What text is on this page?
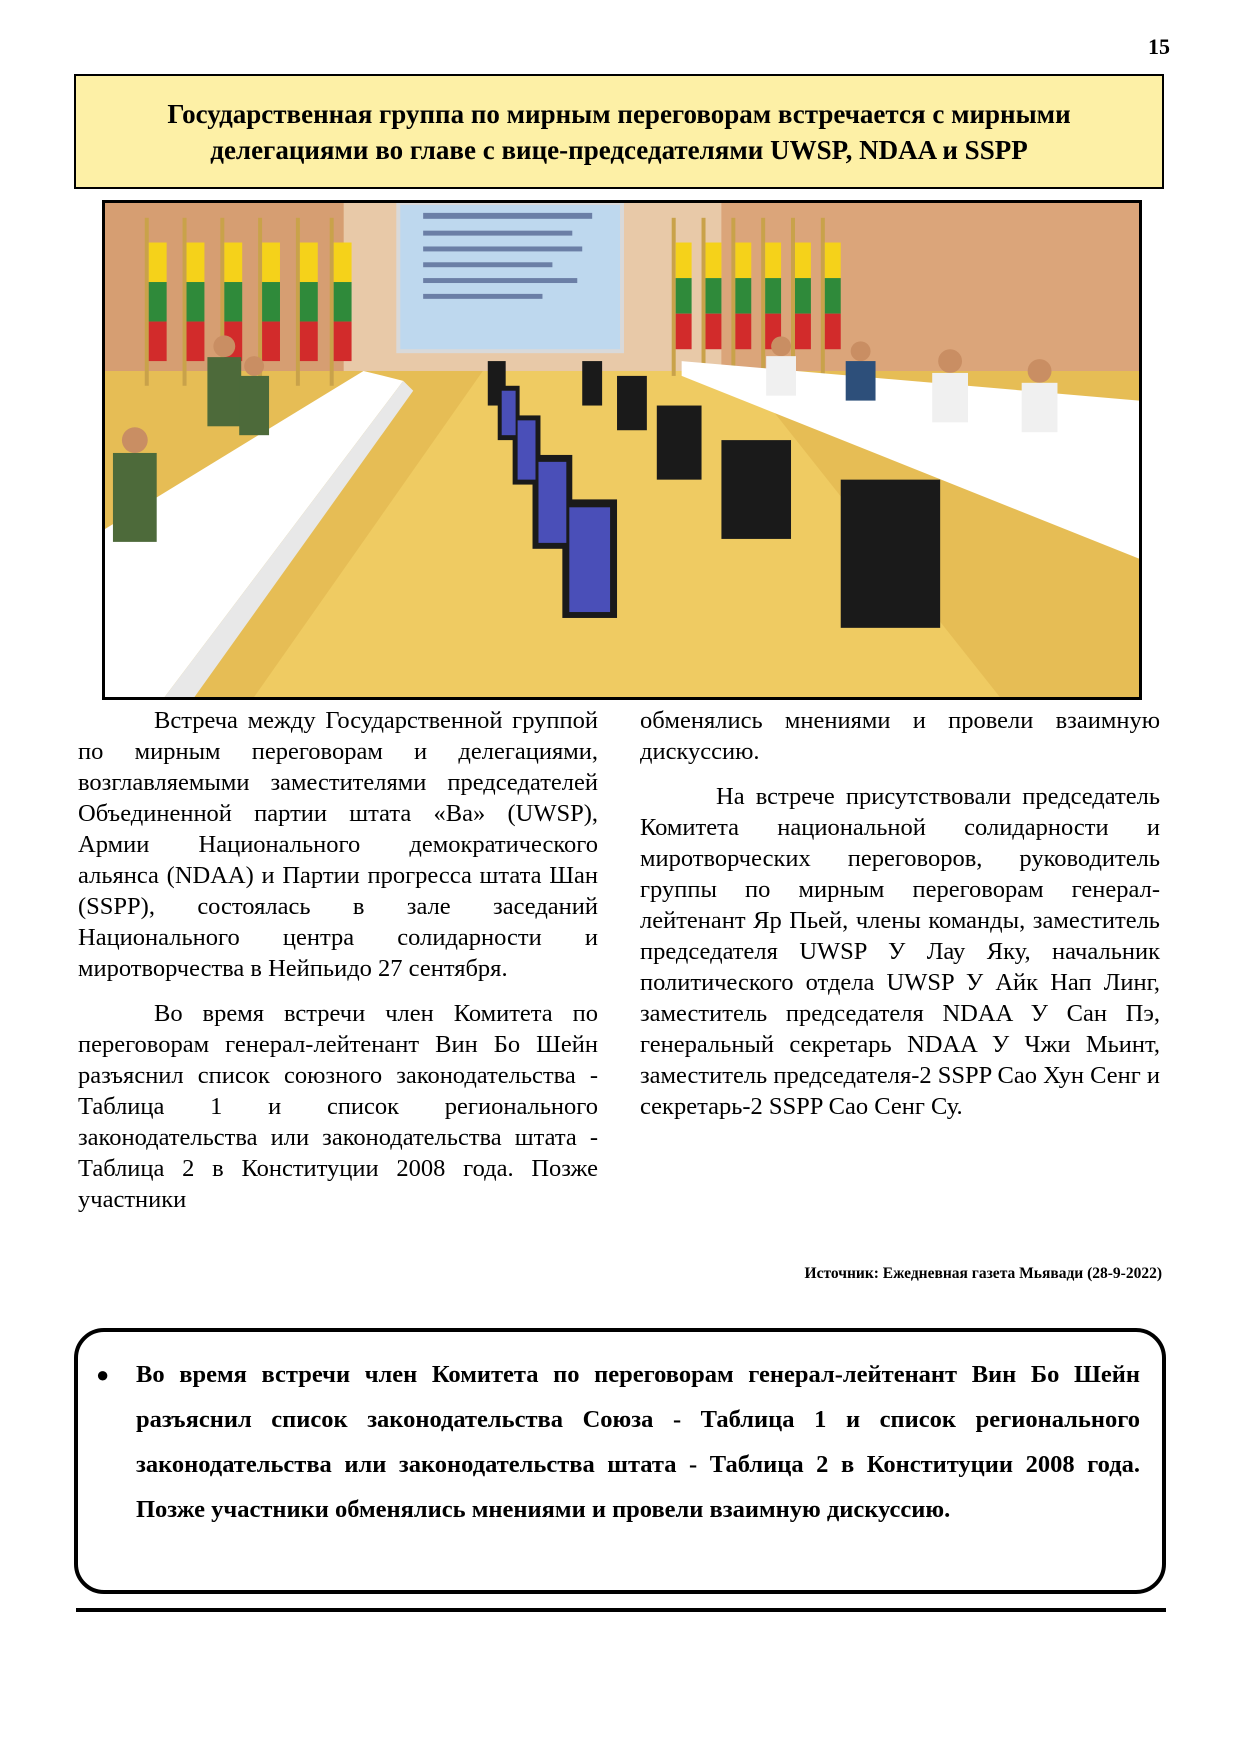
15
Государственная группа по мирным переговорам встречается с мирными делегациями во главе с вице-председателями UWSP, NDAA и SSPP

Встреча между Государственной группой по мирным переговорам и делегациями, возглавляемыми заместителями председателей Объединенной партии штата «Ва» (UWSP), Армии Национального демократического альянса (NDAA) и Партии прогресса штата Шан (SSPP), состоялась в зале заседаний Национального центра солидарности и миротворчества в Нейпьидо 27 сентября.

Во время встречи член Комитета по переговорам генерал-лейтенант Вин Бо Шейн разъяснил список союзного законодательства - Таблица 1 и список регионального законодательства или законодательства штата - Таблица 2 в Конституции 2008 года. Позже участники

обменялись мнениями и провели взаимную дискуссию.

На встрече присутствовали председатель Комитета национальной солидарности и миротворческих переговоров, руководитель группы по мирным переговорам генерал-лейтенант Яр Пьей, члены команды, заместитель председателя UWSP У Лау Яку, начальник политического отдела UWSP У Айк Нап Линг, заместитель председателя NDAA У Сан Пэ, генеральный секретарь NDAA У Чжи Мьинт, заместитель председателя-2 SSPP Сао Хун Сенг и секретарь-2 SSPP Сао Сенг Су.

Источник: Ежедневная газета Мьявади (28-9-2022)
● Во время встречи член Комитета по переговорам генерал-лейтенант Вин Бо Шейн разъяснил список законодательства Союза - Таблица 1 и список регионального законодательства или законодательства штата - Таблица 2 в Конституции 2008 года. Позже участники обменялись мнениями и провели взаимную дискуссию.
